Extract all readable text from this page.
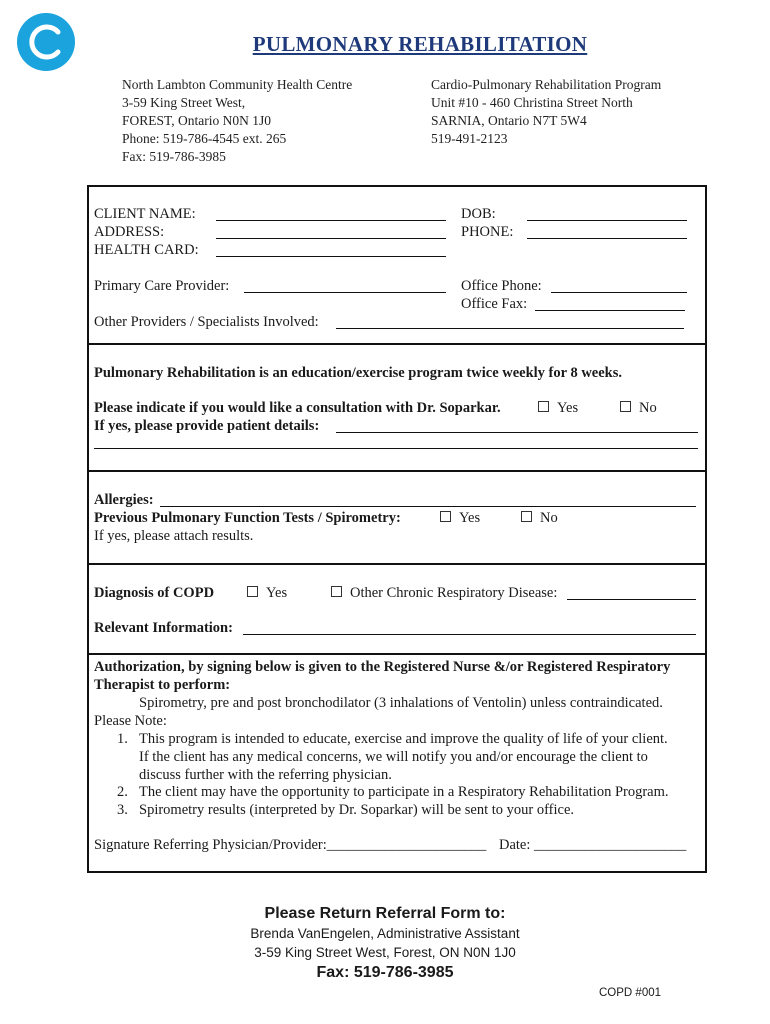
PULMONARY REHABILITATION
North Lambton Community Health Centre
3-59 King Street West,
FOREST, Ontario N0N 1J0
Phone: 519-786-4545 ext. 265
Fax: 519-786-3985
Cardio-Pulmonary Rehabilitation Program
Unit #10 - 460 Christina Street North
SARNIA, Ontario N7T 5W4
519-491-2123
CLIENT NAME:
ADDRESS:
HEALTH CARD:
DOB:
PHONE:
Primary Care Provider:	Office Phone:
Office Fax:
Other Providers / Specialists Involved:
Pulmonary Rehabilitation is an education/exercise program twice weekly for 8 weeks.
Please indicate if you would like a consultation with Dr. Soparkar.	Yes	No
If yes, please provide patient details:
Allergies:
Previous Pulmonary Function Tests / Spirometry:	Yes	No
If yes, please attach results.
Diagnosis of COPD	Yes	Other Chronic Respiratory Disease:
Relevant Information:
Authorization, by signing below is given to the Registered Nurse &/or Registered Respiratory
Therapist to perform:
Spirometry, pre and post bronchodilator (3 inhalations of Ventolin) unless contraindicated.
Please Note:
1. This program is intended to educate, exercise and improve the quality of life of your client.
If the client has any medical concerns, we will notify you and/or encourage the client to
discuss further with the referring physician.
2. The client may have the opportunity to participate in a Respiratory Rehabilitation Program.
3. Spirometry results (interpreted by Dr. Soparkar) will be sent to your office.
Signature Referring Physician/Provider:______________________ Date: _____________________
Please Return Referral Form to:
Brenda VanEngelen, Administrative Assistant
3-59 King Street West, Forest, ON N0N 1J0
Fax: 519-786-3985
COPD #001
